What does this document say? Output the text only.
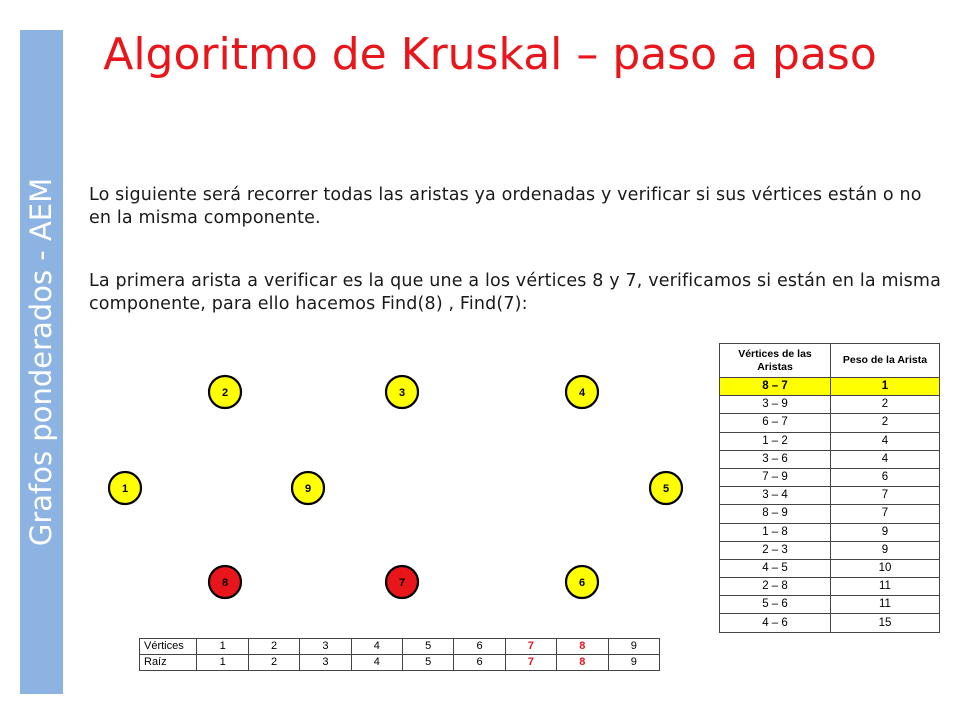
Grafos ponderados - AEM
Algoritmo de Kruskal – paso a paso
Lo siguiente será recorrer todas las aristas ya ordenadas y verificar si sus vértices están o no en la misma componente.
La primera arista a verificar es la que une a los vértices 8 y 7, verificamos si están en la misma componente, para ello hacemos Find(8) , Find(7):
2	3	4
1	9	5
8	7	6
Vértices de las Aristas	Peso de la Arista
8 – 7	1
3 – 9	2
6 – 7	2
1 – 2	4
3 – 6	4
7 – 9	6
3 – 4	7
8 – 9	7
1 – 8	9
2 – 3	9
4 – 5	10
2 – 8	11
5 – 6	11
4 – 6	15
Vértices	1	2	3	4	5	6	7	8	9
Raíz	1	2	3	4	5	6	7	8	9
